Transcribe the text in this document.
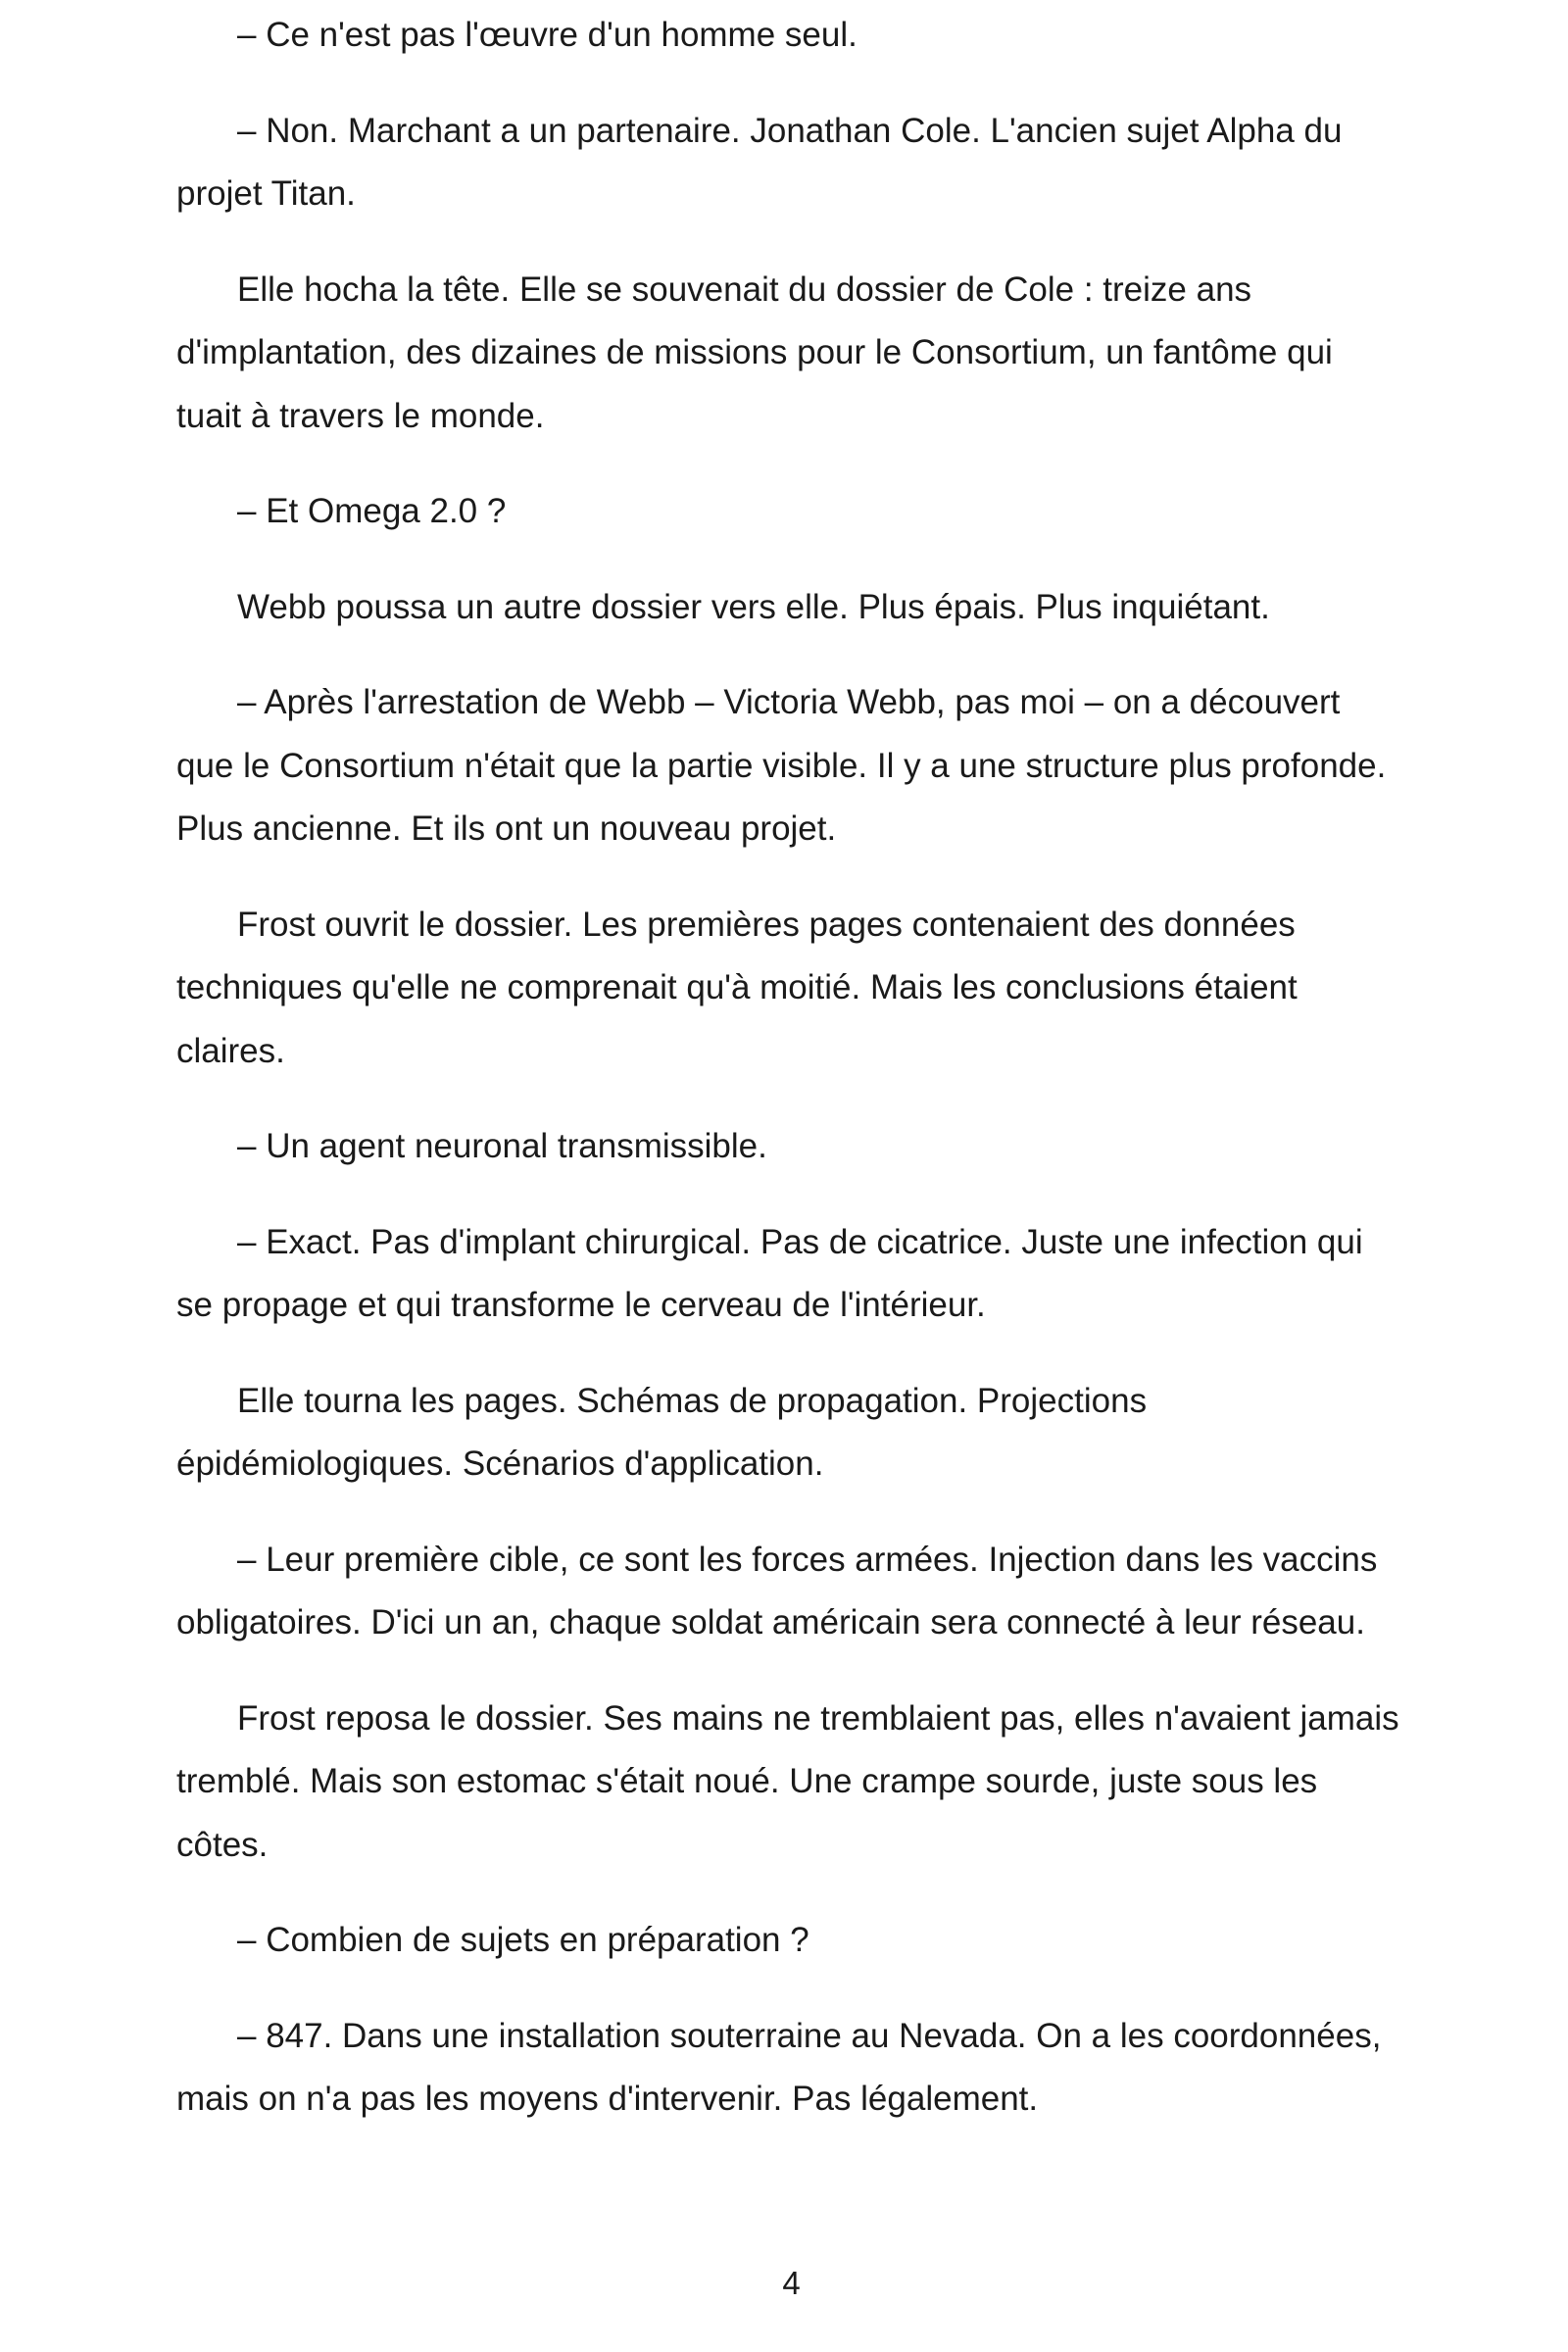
– Ce n'est pas l'œuvre d'un homme seul.

– Non. Marchant a un partenaire. Jonathan Cole. L'ancien sujet Alpha du projet Titan.

Elle hocha la tête. Elle se souvenait du dossier de Cole : treize ans d'implantation, des dizaines de missions pour le Consortium, un fantôme qui tuait à travers le monde.

– Et Omega 2.0 ?

Webb poussa un autre dossier vers elle. Plus épais. Plus inquiétant.

– Après l'arrestation de Webb – Victoria Webb, pas moi – on a découvert que le Consortium n'était que la partie visible. Il y a une structure plus profonde. Plus ancienne. Et ils ont un nouveau projet.

Frost ouvrit le dossier. Les premières pages contenaient des données techniques qu'elle ne comprenait qu'à moitié. Mais les conclusions étaient claires.

– Un agent neuronal transmissible.

– Exact. Pas d'implant chirurgical. Pas de cicatrice. Juste une infection qui se propage et qui transforme le cerveau de l'intérieur.

Elle tourna les pages. Schémas de propagation. Projections épidémiologiques. Scénarios d'application.

– Leur première cible, ce sont les forces armées. Injection dans les vaccins obligatoires. D'ici un an, chaque soldat américain sera connecté à leur réseau.

Frost reposa le dossier. Ses mains ne tremblaient pas, elles n'avaient jamais tremblé. Mais son estomac s'était noué. Une crampe sourde, juste sous les côtes.

– Combien de sujets en préparation ?

– 847. Dans une installation souterraine au Nevada. On a les coordonnées, mais on n'a pas les moyens d'intervenir. Pas légalement.

4
